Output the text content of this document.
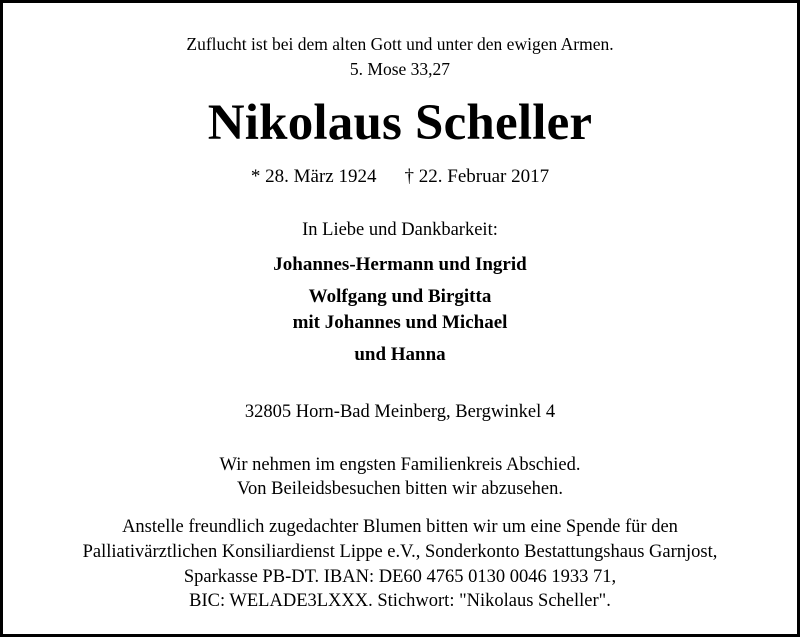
Zuflucht ist bei dem alten Gott und unter den ewigen Armen.
5. Mose 33,27
Nikolaus Scheller
* 28. März 1924 † 22. Februar 2017
In Liebe und Dankbarkeit:
Johannes-Hermann und Ingrid
Wolfgang und Birgitta
mit Johannes und Michael
und Hanna
32805 Horn-Bad Meinberg, Bergwinkel 4
Wir nehmen im engsten Familienkreis Abschied.
Von Beileidsbesuchen bitten wir abzusehen.
Anstelle freundlich zugedachter Blumen bitten wir um eine Spende für den
Palliativärztlichen Konsiliardienst Lippe e.V., Sonderkonto Bestattungshaus Garnjost,
Sparkasse PB-DT. IBAN: DE60 4765 0130 0046 1933 71,
BIC: WELADE3LXXX. Stichwort: "Nikolaus Scheller".
